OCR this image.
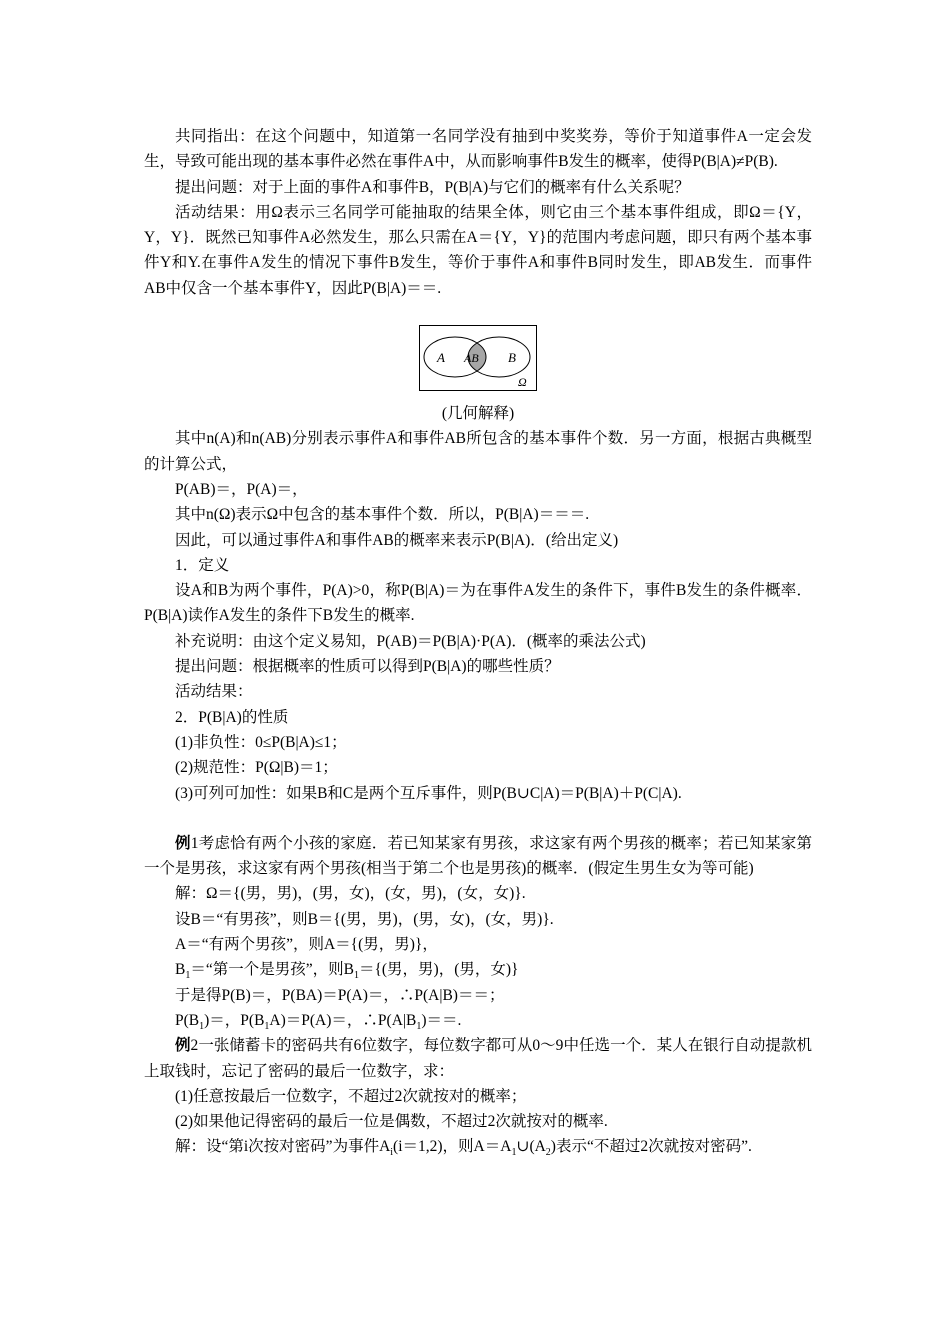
共同指出：在这个问题中，知道第一名同学没有抽到中奖奖券，等价于知道事件A一定会发生，导致可能出现的基本事件必然在事件A中，从而影响事件B发生的概率，使得P(B|A)≠P(B).

提出问题：对于上面的事件A和事件B，P(B|A)与它们的概率有什么关系呢？

活动结果：用Ω表示三名同学可能抽取的结果全体，则它由三个基本事件组成，即Ω＝{Y，Y，Y}．既然已知事件A必然发生，那么只需在A＝{Y，Y}的范围内考虑问题，即只有两个基本事件Y和Y.在事件A发生的情况下事件B发生，等价于事件A和事件B同时发生，即AB发生．而事件AB中仅含一个基本事件Y，因此P(B|A)＝＝.

A AB B
Ω
(几何解释)

其中n(A)和n(AB)分别表示事件A和事件AB所包含的基本事件个数．另一方面，根据古典概型的计算公式，

P(AB)＝，P(A)＝，

其中n(Ω)表示Ω中包含的基本事件个数．所以，P(B|A)＝＝＝.

因此，可以通过事件A和事件AB的概率来表示P(B|A)．(给出定义)

1．定义

设A和B为两个事件，P(A)>0，称P(B|A)＝为在事件A发生的条件下，事件B发生的条件概率．P(B|A)读作A发生的条件下B发生的概率.

补充说明：由这个定义易知，P(AB)＝P(B|A)·P(A)．(概率的乘法公式)

提出问题：根据概率的性质可以得到P(B|A)的哪些性质？

活动结果：

2．P(B|A)的性质

(1)非负性：0≤P(B|A)≤1；

(2)规范性：P(Ω|B)＝1；

(3)可列可加性：如果B和C是两个互斥事件，则P(B∪C|A)＝P(B|A)＋P(C|A).

例1考虑恰有两个小孩的家庭．若已知某家有男孩，求这家有两个男孩的概率；若已知某家第一个是男孩，求这家有两个男孩(相当于第二个也是男孩)的概率．(假定生男生女为等可能)

解：Ω＝{(男，男)，(男，女)，(女，男)，(女，女)}.

设B＝“有男孩”，则B＝{(男，男)，(男，女)，(女，男)}.

A＝“有两个男孩”，则A＝{(男，男)}，

$B_1=“$第一个是男孩”，则$B_1=${(男，男)，(男，女)}

于是得P(B)＝，P(BA)＝P(A)＝，∴P(A|B)＝＝；

$P(B_1)=$，$P(B_1A)=P(A)=$，$\therefore P(A|B_1)==$.

例2一张储蓄卡的密码共有6位数字，每位数字都可从0～9中任选一个．某人在银行自动提款机上取钱时，忘记了密码的最后一位数字，求：

(1)任意按最后一位数字，不超过2次就按对的概率；

(2)如果他记得密码的最后一位是偶数，不超过2次就按对的概率.

解：设“第i次按对密码”为事件$A_i(i=1,2)$，则$A=A_1\cup(A_2)$表示“不超过2次就按对密码”.
